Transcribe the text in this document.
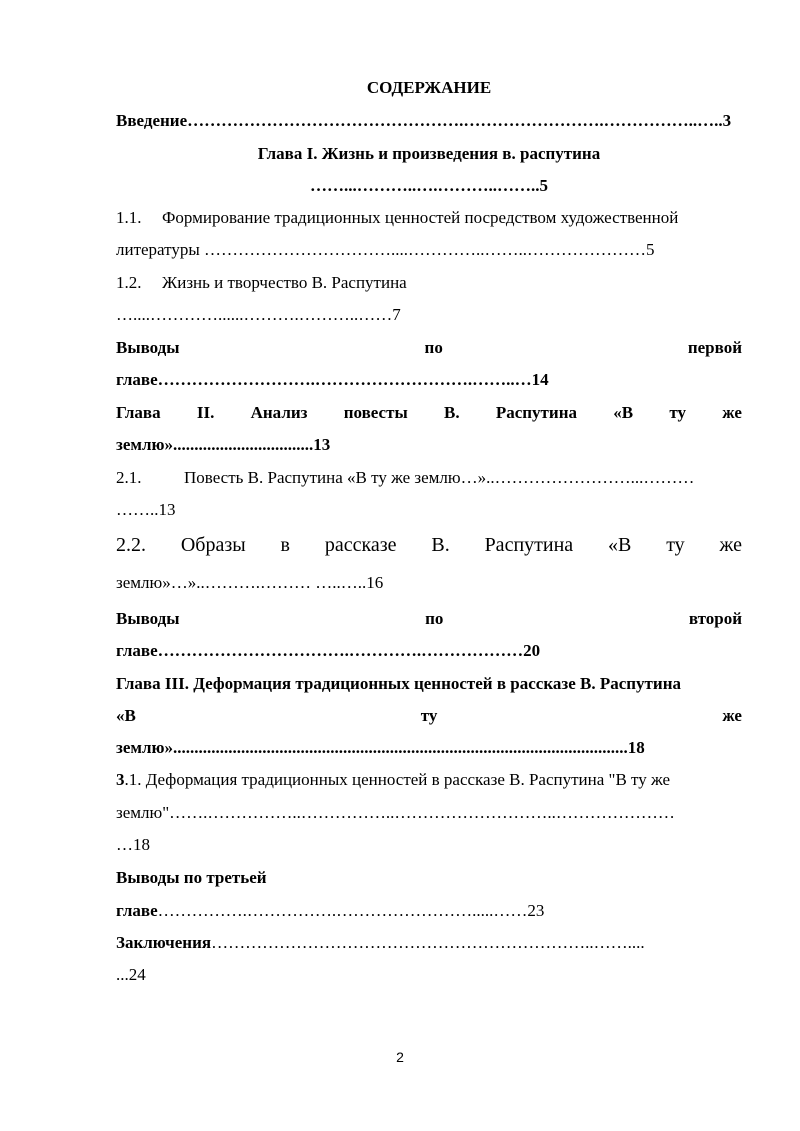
СОДЕРЖАНИЕ
Введение………………………………………….…………………….……………..…..3
Глава I. Жизнь и произведения в. распутина
……...………..….………..……..5
1.1. Формирование традиционных ценностей посредством художественной
литературы ……………………………....…………..……..…………………5
1.2. Жизнь и творчество В. Распутина
…....…………......……….………..……7
Выводы	по	первой
главе……………………….……………………….……..…14
Глава II. Анализ повесты В. Распутина «В ту же
землю».................................13
2.1.	Повесть В. Распутина «В ту же землю…»..……………………...………
……..13
2.2. Образы в рассказе В. Распутина «В ту же
землю»…»..……….……… …..…..16
Выводы	по	второй
главе…………………………….………….………………20
Глава III. Деформация традиционных ценностей в рассказе В. Распутина
«В	ту	же
землю»...........................................................................................................18
3.1. Деформация традиционных ценностей в рассказе В. Распутина "В ту же
землю"…….……………..……………..………………………..…………………
…18
Выводы по третьей
главе…………….…………….…………………….....……23
Заключения…………………………………………………………..……....
...24
2
